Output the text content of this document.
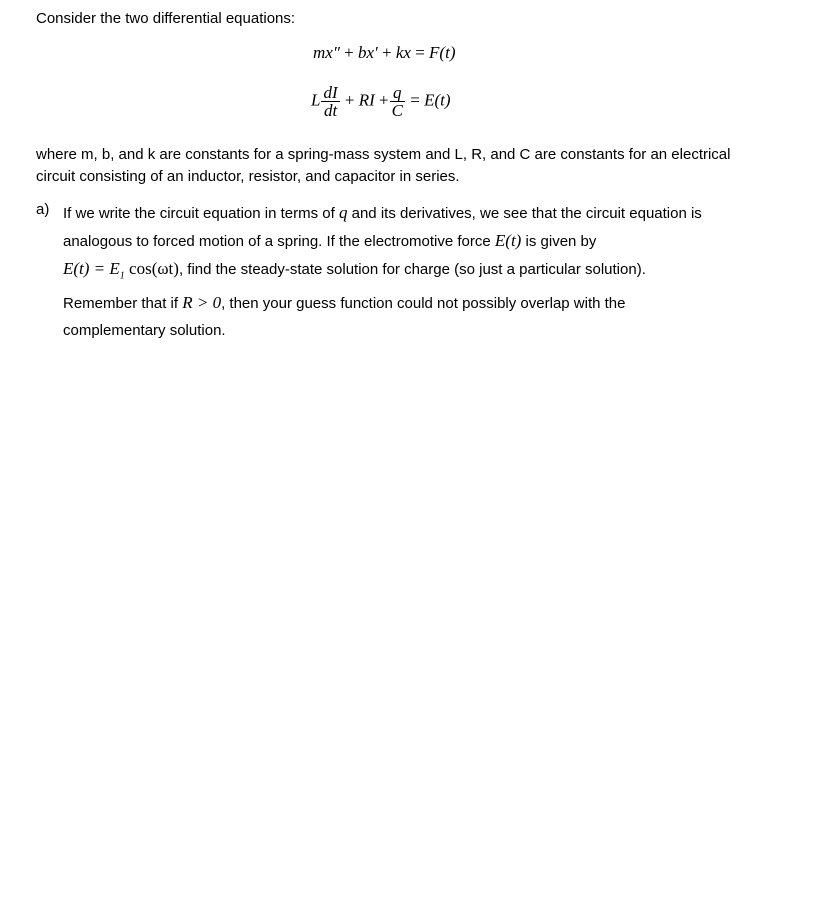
Consider the two differential equations:

mx″ + bx′ + kx = F(t)
L $\frac{dI}{dt}$ + RI + $\frac{q}{C} = E(t)$

where m, b, and k are constants for a spring-mass system and L, R, and C are constants for an electrical circuit consisting of an inductor, resistor, and capacitor in series.

a) If we write the circuit equation in terms of q and its derivatives, we see that the circuit equation is
analogous to forced motion of a spring. If the electromotive force E(t) is given by
$E(t) = E_1$ cos(ωt), find the steady-state solution for charge (so just a particular solution).
Remember that if R > 0, then your guess function could not possibly overlap with the
complementary solution.
